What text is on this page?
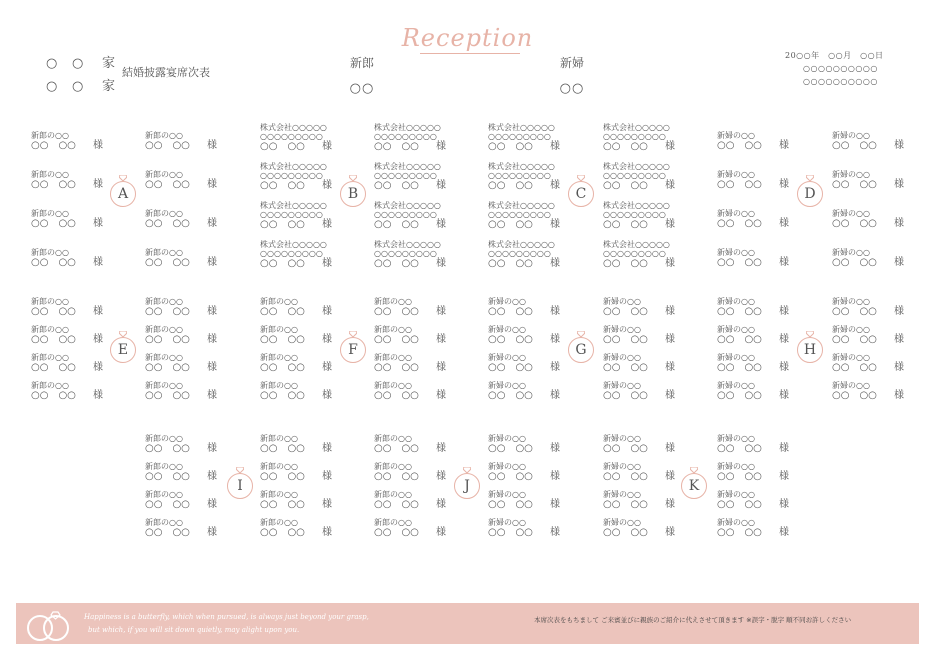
○ ○ 家
○ ○ 家
結婚披露宴席次表
新郎
○○
新婦
○○
Reception
20○○年　○○月　○○日
○○○○○○○○○○
○○○○○○○○○○
新郎の○○
○○　○○ 様
新郎の○○
○○　○○ 様
新郎の○○
○○　○○ 様
新郎の○○
○○　○○ 様
新郎の○○
○○　○○ 様
新郎の○○
○○　○○ 様
新郎の○○
○○　○○ 様
新郎の○○
○○　○○ 様
株式会社○○○○○
○○○○○○○○○
○○　○○ 様
株式会社○○○○○
○○○○○○○○○
○○　○○ 様
株式会社○○○○○
○○○○○○○○○
○○　○○ 様
株式会社○○○○○
○○○○○○○○○
○○　○○ 様
株式会社○○○○○
○○○○○○○○○
○○　○○ 様
株式会社○○○○○
○○○○○○○○○
○○　○○ 様
株式会社○○○○○
○○○○○○○○○
○○　○○ 様
株式会社○○○○○
○○○○○○○○○
○○　○○ 様
株式会社○○○○○
○○○○○○○○○
○○　○○ 様
株式会社○○○○○
○○○○○○○○○
○○　○○ 様
株式会社○○○○○
○○○○○○○○○
○○　○○ 様
株式会社○○○○○
○○○○○○○○○
○○　○○ 様
株式会社○○○○○
○○○○○○○○○
○○　○○ 様
株式会社○○○○○
○○○○○○○○○
○○　○○ 様
株式会社○○○○○
○○○○○○○○○
○○　○○ 様
株式会社○○○○○
○○○○○○○○○
○○　○○ 様
新婦の○○
○○　○○ 様
新婦の○○
○○　○○ 様
新婦の○○
○○　○○ 様
新婦の○○
○○　○○ 様
新婦の○○
○○　○○ 様
新婦の○○
○○　○○ 様
新婦の○○
○○　○○ 様
新婦の○○
○○　○○ 様
A	B	C	D
新郎の○○
○○　○○ 様
新郎の○○
○○　○○ 様
新郎の○○
○○　○○ 様
新郎の○○
○○　○○ 様
新郎の○○
○○　○○ 様
新郎の○○
○○　○○ 様
新郎の○○
○○　○○ 様
新郎の○○
○○　○○ 様
新郎の○○
○○　○○ 様
新郎の○○
○○　○○ 様
新郎の○○
○○　○○ 様
新郎の○○
○○　○○ 様
新郎の○○
○○　○○ 様
新郎の○○
○○　○○ 様
新郎の○○
○○　○○ 様
新郎の○○
○○　○○ 様
新婦の○○
○○　○○ 様
新婦の○○
○○　○○ 様
新婦の○○
○○　○○ 様
新婦の○○
○○　○○ 様
新婦の○○
○○　○○ 様
新婦の○○
○○　○○ 様
新婦の○○
○○　○○ 様
新婦の○○
○○　○○ 様
新婦の○○
○○　○○ 様
新婦の○○
○○　○○ 様
新婦の○○
○○　○○ 様
新婦の○○
○○　○○ 様
新婦の○○
○○　○○ 様
新婦の○○
○○　○○ 様
新婦の○○
○○　○○ 様
新婦の○○
○○　○○ 様
E	F	G	H
新郎の○○
○○　○○ 様
新郎の○○
○○　○○ 様
新郎の○○
○○　○○ 様
新郎の○○
○○　○○ 様
新郎の○○
○○　○○ 様
新郎の○○
○○　○○ 様
新郎の○○
○○　○○ 様
新郎の○○
○○　○○ 様
新郎の○○
○○　○○ 様
新郎の○○
○○　○○ 様
新郎の○○
○○　○○ 様
新郎の○○
○○　○○ 様
新婦の○○
○○　○○ 様
新婦の○○
○○　○○ 様
新婦の○○
○○　○○ 様
新婦の○○
○○　○○ 様
新婦の○○
○○　○○ 様
新婦の○○
○○　○○ 様
新婦の○○
○○　○○ 様
新婦の○○
○○　○○ 様
新婦の○○
○○　○○ 様
新婦の○○
○○　○○ 様
新婦の○○
○○　○○ 様
新婦の○○
○○　○○ 様
I	J	K
Happiness is a butterfly, which when pursued, is always just beyond your grasp,
but which, if you will sit down quietly, may alight upon you.
本席次表をもちまして ご来賓並びに親族のご紹介に代えさせて頂きます ※誤字・脱字 順不同お許しください
